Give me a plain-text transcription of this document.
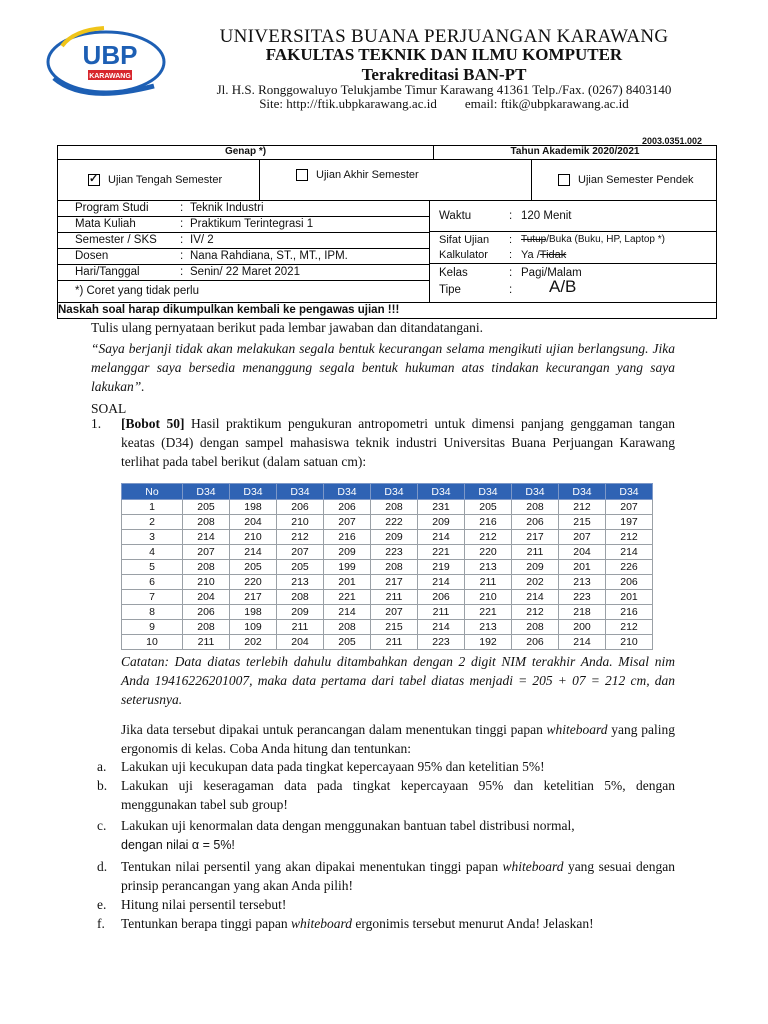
UBP
KARAWANG
UNIVERSITAS BUANA PERJUANGAN KARAWANG
FAKULTAS TEKNIK DAN ILMU KOMPUTER
Terakreditasi BAN-PT
Jl. H.S. Ronggowaluyo Telukjambe Timur Karawang 41361 Telp./Fax. (0267) 8403140
Site: http://ftik.ubpkarawang.ac.id email: ftik@ubpkarawang.ac.id
2003.0351.002
Genap *)	Tahun Akademik 2020/2021
✓
Ujian Tengah Semester	Ujian Akhir Semester	Ujian Semester Pendek
Program Studi	: Teknik Industri
Mata Kuliah	: Praktikum Terintegrasi 1
Semester / SKS	: IV/ 2
Dosen	: Nana Rahdiana, ST., MT., IPM.
Hari/Tanggal	: Senin/ 22 Maret 2021
*) Coret yang tidak perlu
Waktu	: 120 Menit
Sifat Ujian	: Tutup/Buka (Buku, HP, Laptop *)
Kalkulator	: Ya / Tidak
Kelas	: Pagi/Malam
Tipe	:	A/B
Naskah soal harap dikumpulkan kembali ke pengawas ujian !!!
Tulis ulang pernyataan berikut pada lembar jawaban dan ditandatangani.
“Saya berjanji tidak akan melakukan segala bentuk kecurangan selama mengikuti ujian berlangsung. Jika melanggar saya bersedia menanggung segala bentuk hukuman atas tindakan kecurangan yang saya lakukan”.
SOAL
1. [Bobot 50] Hasil praktikum pengukuran antropometri untuk dimensi panjang genggaman tangan keatas (D34) dengan sampel mahasiswa teknik industri Universitas Buana Perjuangan Karawang terlihat pada tabel berikut (dalam satuan cm):
No	D34	D34	D34	D34	D34	D34	D34	D34	D34	D34
1	205	198	206	206	208	231	205	208	212	207
2	208	204	210	207	222	209	216	206	215	197
3	214	210	212	216	209	214	212	217	207	212
4	207	214	207	209	223	221	220	211	204	214
5	208	205	205	199	208	219	213	209	201	226
6	210	220	213	201	217	214	211	202	213	206
7	204	217	208	221	211	206	210	214	223	201
8	206	198	209	214	207	211	221	212	218	216
9	208	109	211	208	215	214	213	208	200	212
10	211	202	204	205	211	223	192	206	214	210
Catatan: Data diatas terlebih dahulu ditambahkan dengan 2 digit NIM terakhir Anda. Misal nim Anda 19416226201007, maka data pertama dari tabel diatas menjadi = 205 + 07 = 212 cm, dan seterusnya.
Jika data tersebut dipakai untuk perancangan dalam menentukan tinggi papan whiteboard yang paling ergonomis di kelas. Coba Anda hitung dan tentunkan:
a. Lakukan uji kecukupan data pada tingkat kepercayaan 95% dan ketelitian 5%!
b. Lakukan uji keseragaman data pada tingkat kepercayaan 95% dan ketelitian 5%, dengan menggunakan tabel sub group!
c. Lakukan uji kenormalan data dengan menggunakan bantuan tabel distribusi normal,
dengan nilai α = 5%!
d. Tentukan nilai persentil yang akan dipakai menentukan tinggi papan whiteboard yang sesuai dengan prinsip perancangan yang akan Anda pilih!
e. Hitung nilai persentil tersebut!
f. Tentunkan berapa tinggi papan whiteboard ergonimis tersebut menurut Anda! Jelaskan!
